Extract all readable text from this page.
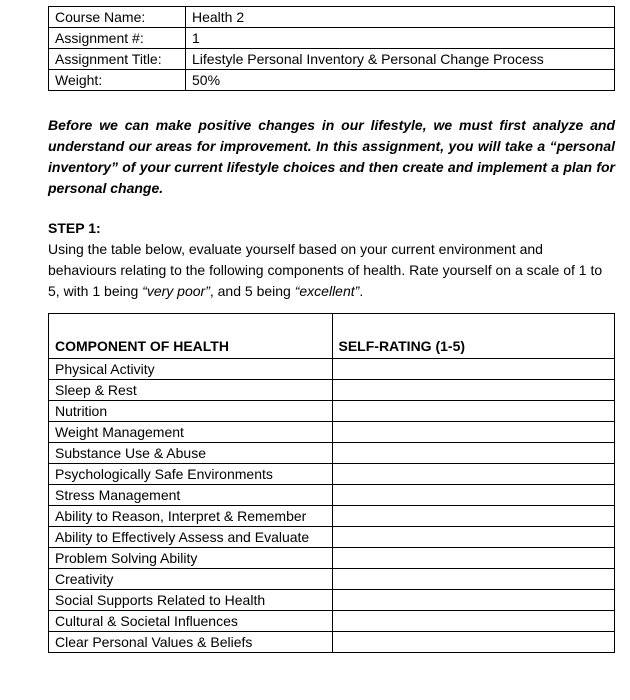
Course Name:	Health 2
Assignment #:	1
Assignment Title:	Lifestyle Personal Inventory & Personal Change Process
Weight:	50%

Before we can make positive changes in our lifestyle, we must first analyze and understand our areas for improvement. In this assignment, you will take a “personal inventory” of your current lifestyle choices and then create and implement a plan for personal change.

STEP 1:

Using the table below, evaluate yourself based on your current environment and behaviours relating to the following components of health. Rate yourself on a scale of 1 to 5, with 1 being “very poor”, and 5 being “excellent”.

COMPONENT OF HEALTH	SELF-RATING (1-5)
Physical Activity	
Sleep & Rest	
Nutrition	
Weight Management	
Substance Use & Abuse	
Psychologically Safe Environments	
Stress Management	
Ability to Reason, Interpret & Remember	
Ability to Effectively Assess and Evaluate	
Problem Solving Ability	
Creativity	
Social Supports Related to Health	
Cultural & Societal Influences	
Clear Personal Values & Beliefs	
